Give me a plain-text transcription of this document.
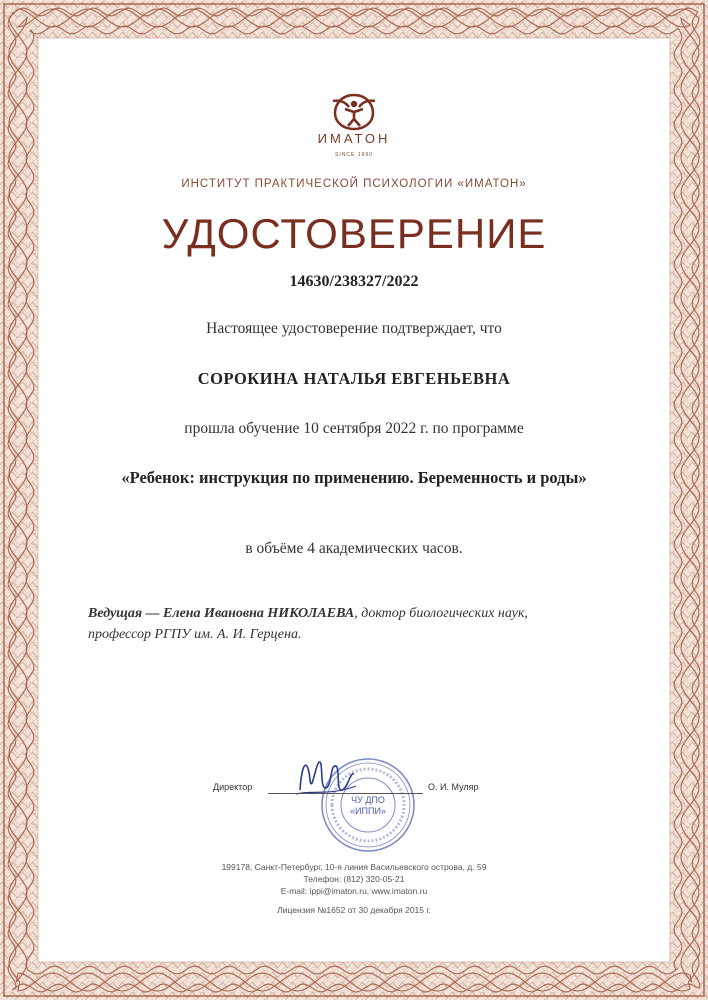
ИМАТОН
SINCE 1990
ИНСТИТУТ ПРАКТИЧЕСКОЙ ПСИХОЛОГИИ «ИМАТОН»
УДОСТОВЕРЕНИЕ
14630/238327/2022
Настоящее удостоверение подтверждает, что
СОРОКИНА НАТАЛЬЯ ЕВГЕНЬЕВНА
прошла обучение 10 сентября 2022 г. по программе
«Ребенок: инструкция по применению. Беременность и роды»
в объёме 4 академических часов.
Ведущая — Елена Ивановна НИКОЛАЕВА, доктор биологических наук,
профессор РГПУ им. А. И. Герцена.
ЧУ ДПО
«ИППИ»
Директор	О. И. Муляр
199178, Санкт-Петербург, 10-я линия Васильевского острова, д. 59
Телефон: (812) 320-05-21
E-mail: ippi@imaton.ru, www.imaton.ru
Лицензия №1652 от 30 декабря 2015 г.
